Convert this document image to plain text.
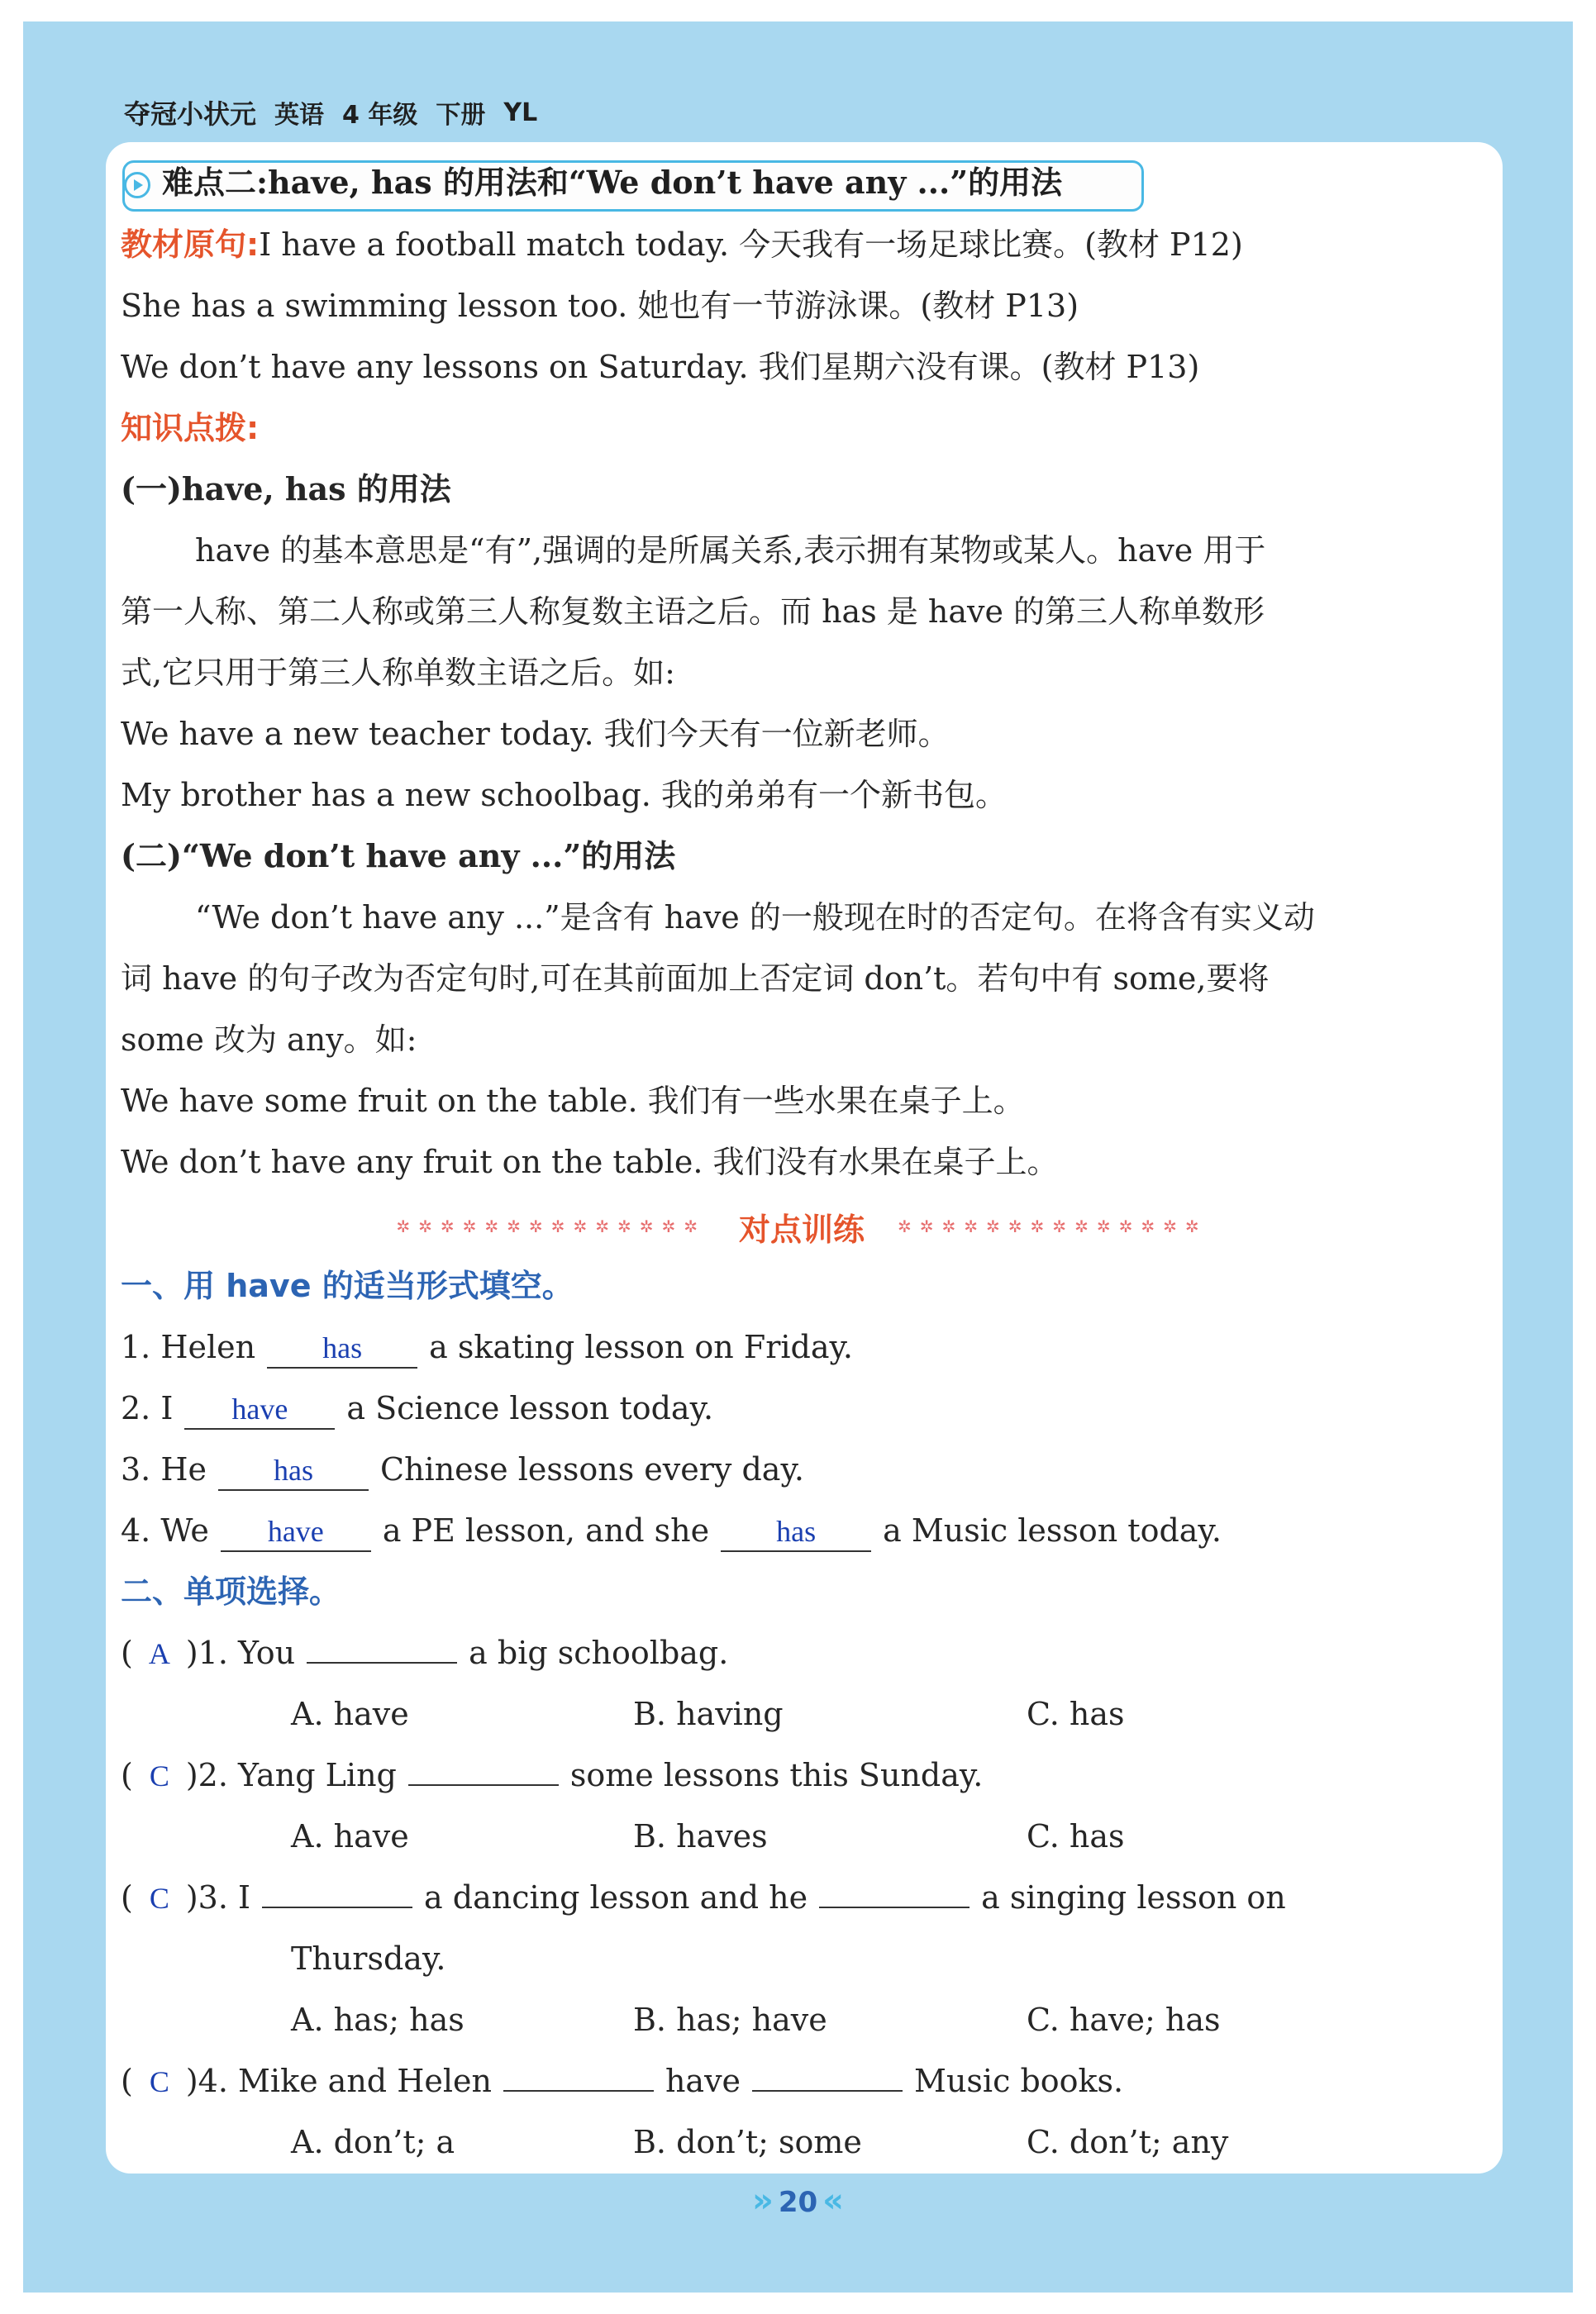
夺冠小状元 英语 4 年级 下册 YL
难点二:have, has 的用法和“We don’t have any ...”的用法
教材原句:I have a football match today. 今天我有一场足球比赛。(教材 P12)
She has a swimming lesson too. 她也有一节游泳课。(教材 P13)
We don’t have any lessons on Saturday. 我们星期六没有课。(教材 P13)
知识点拨:
(一)have, has 的用法
have 的基本意思是“有”,强调的是所属关系,表示拥有某物或某人。have 用于
第一人称、第二人称或第三人称复数主语之后。而 has 是 have 的第三人称单数形
式,它只用于第三人称单数主语之后。如:
We have a new teacher today. 我们今天有一位新老师。
My brother has a new schoolbag. 我的弟弟有一个新书包。
(二)“We don’t have any ...”的用法
“We don’t have any ...”是含有 have 的一般现在时的否定句。在将含有实义动
词 have 的句子改为否定句时,可在其前面加上否定词 don’t。若句中有 some,要将
some 改为 any。如:
We have some fruit on the table. 我们有一些水果在桌子上。
We don’t have any fruit on the table. 我们没有水果在桌子上。
✲✲✲✲✲✲✲✲✲✲✲✲✲✲ 对点训练 ✲✲✲✲✲✲✲✲✲✲✲✲✲✲
一、用 have 的适当形式填空。
1. Helen has a skating lesson on Friday.
2. I have a Science lesson today.
3. He has Chinese lessons every day.
4. We have a PE lesson, and she has a Music lesson today.
二、单项选择。
( A )1. You	a big schoolbag.
A. have	B. having	C. has
( C )2. Yang Ling	some lessons this Sunday.
A. have	B. haves	C. has
( C )3. I	a dancing lesson and he	a singing lesson on
Thursday.
A. has; has	B. has; have	C. have; has
( C )4. Mike and Helen	have	Music books.
A. don’t; a	B. don’t; some	C. don’t; any
» 20 «
